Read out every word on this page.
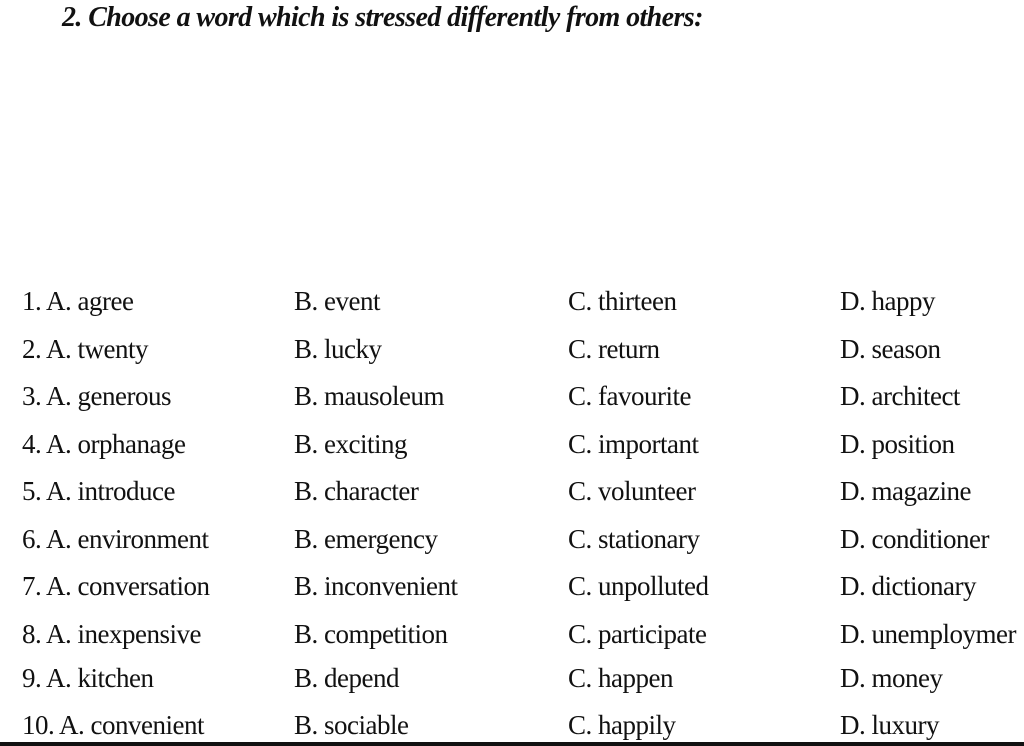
2. Choose a word which is stressed differently from others:
1. A. agree	B. event	C. thirteen	D. happy
2. A. twenty	B. lucky	C. return	D. season
3. A. generous	B. mausoleum	C. favourite	D. architect
4. A. orphanage	B. exciting	C. important	D. position
5. A. introduce	B. character	C. volunteer	D. magazine
6. A. environment	B. emergency	C. stationary	D. conditioner
7. A. conversation	B. inconvenient	C. unpolluted	D. dictionary
8. A. inexpensive	B. competition	C. participate	D. unemploymer
9. A. kitchen	B. depend	C. happen	D. money
10. A. convenient	B. sociable	C. happily	D. luxury
